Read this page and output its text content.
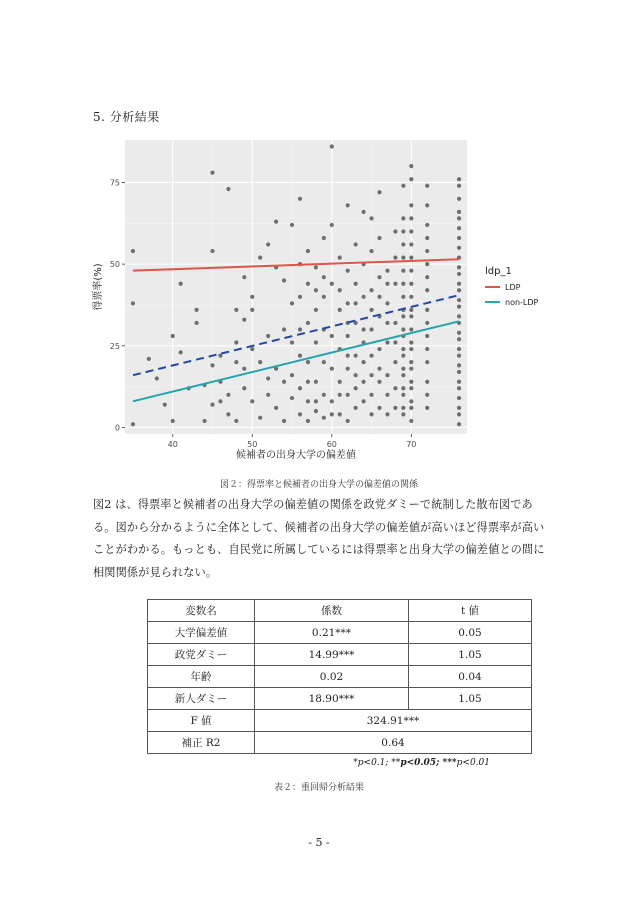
5. 分析結果
40	50	60	70
0
25
50
75
候補者の出身大学の偏差値
得票率(%)	ldp_1
LDP
non-LDP
図２：得票率と候補者の出身大学の偏差値の関係
図2 は、得票率と候補者の出身大学の偏差値の関係を政党ダミーで統制した散布図である。図から分かるように全体として、候補者の出身大学の偏差値が高いほど得票率が高いことがわかる。もっとも、自民党に所属しているには得票率と出身大学の偏差値との間に相関関係が見られない。
変数名	係数	t 値
大学偏差値	0.21***	0.05
政党ダミー	14.99***	1.05
年齢	0.02	0.04
新人ダミー	18.90***	1.05
F 値	324.91***	
補正 R2	0.64	
*p<0.1; **p<0.05; ***p<0.01
表２：重回帰分析結果
- 5 -
